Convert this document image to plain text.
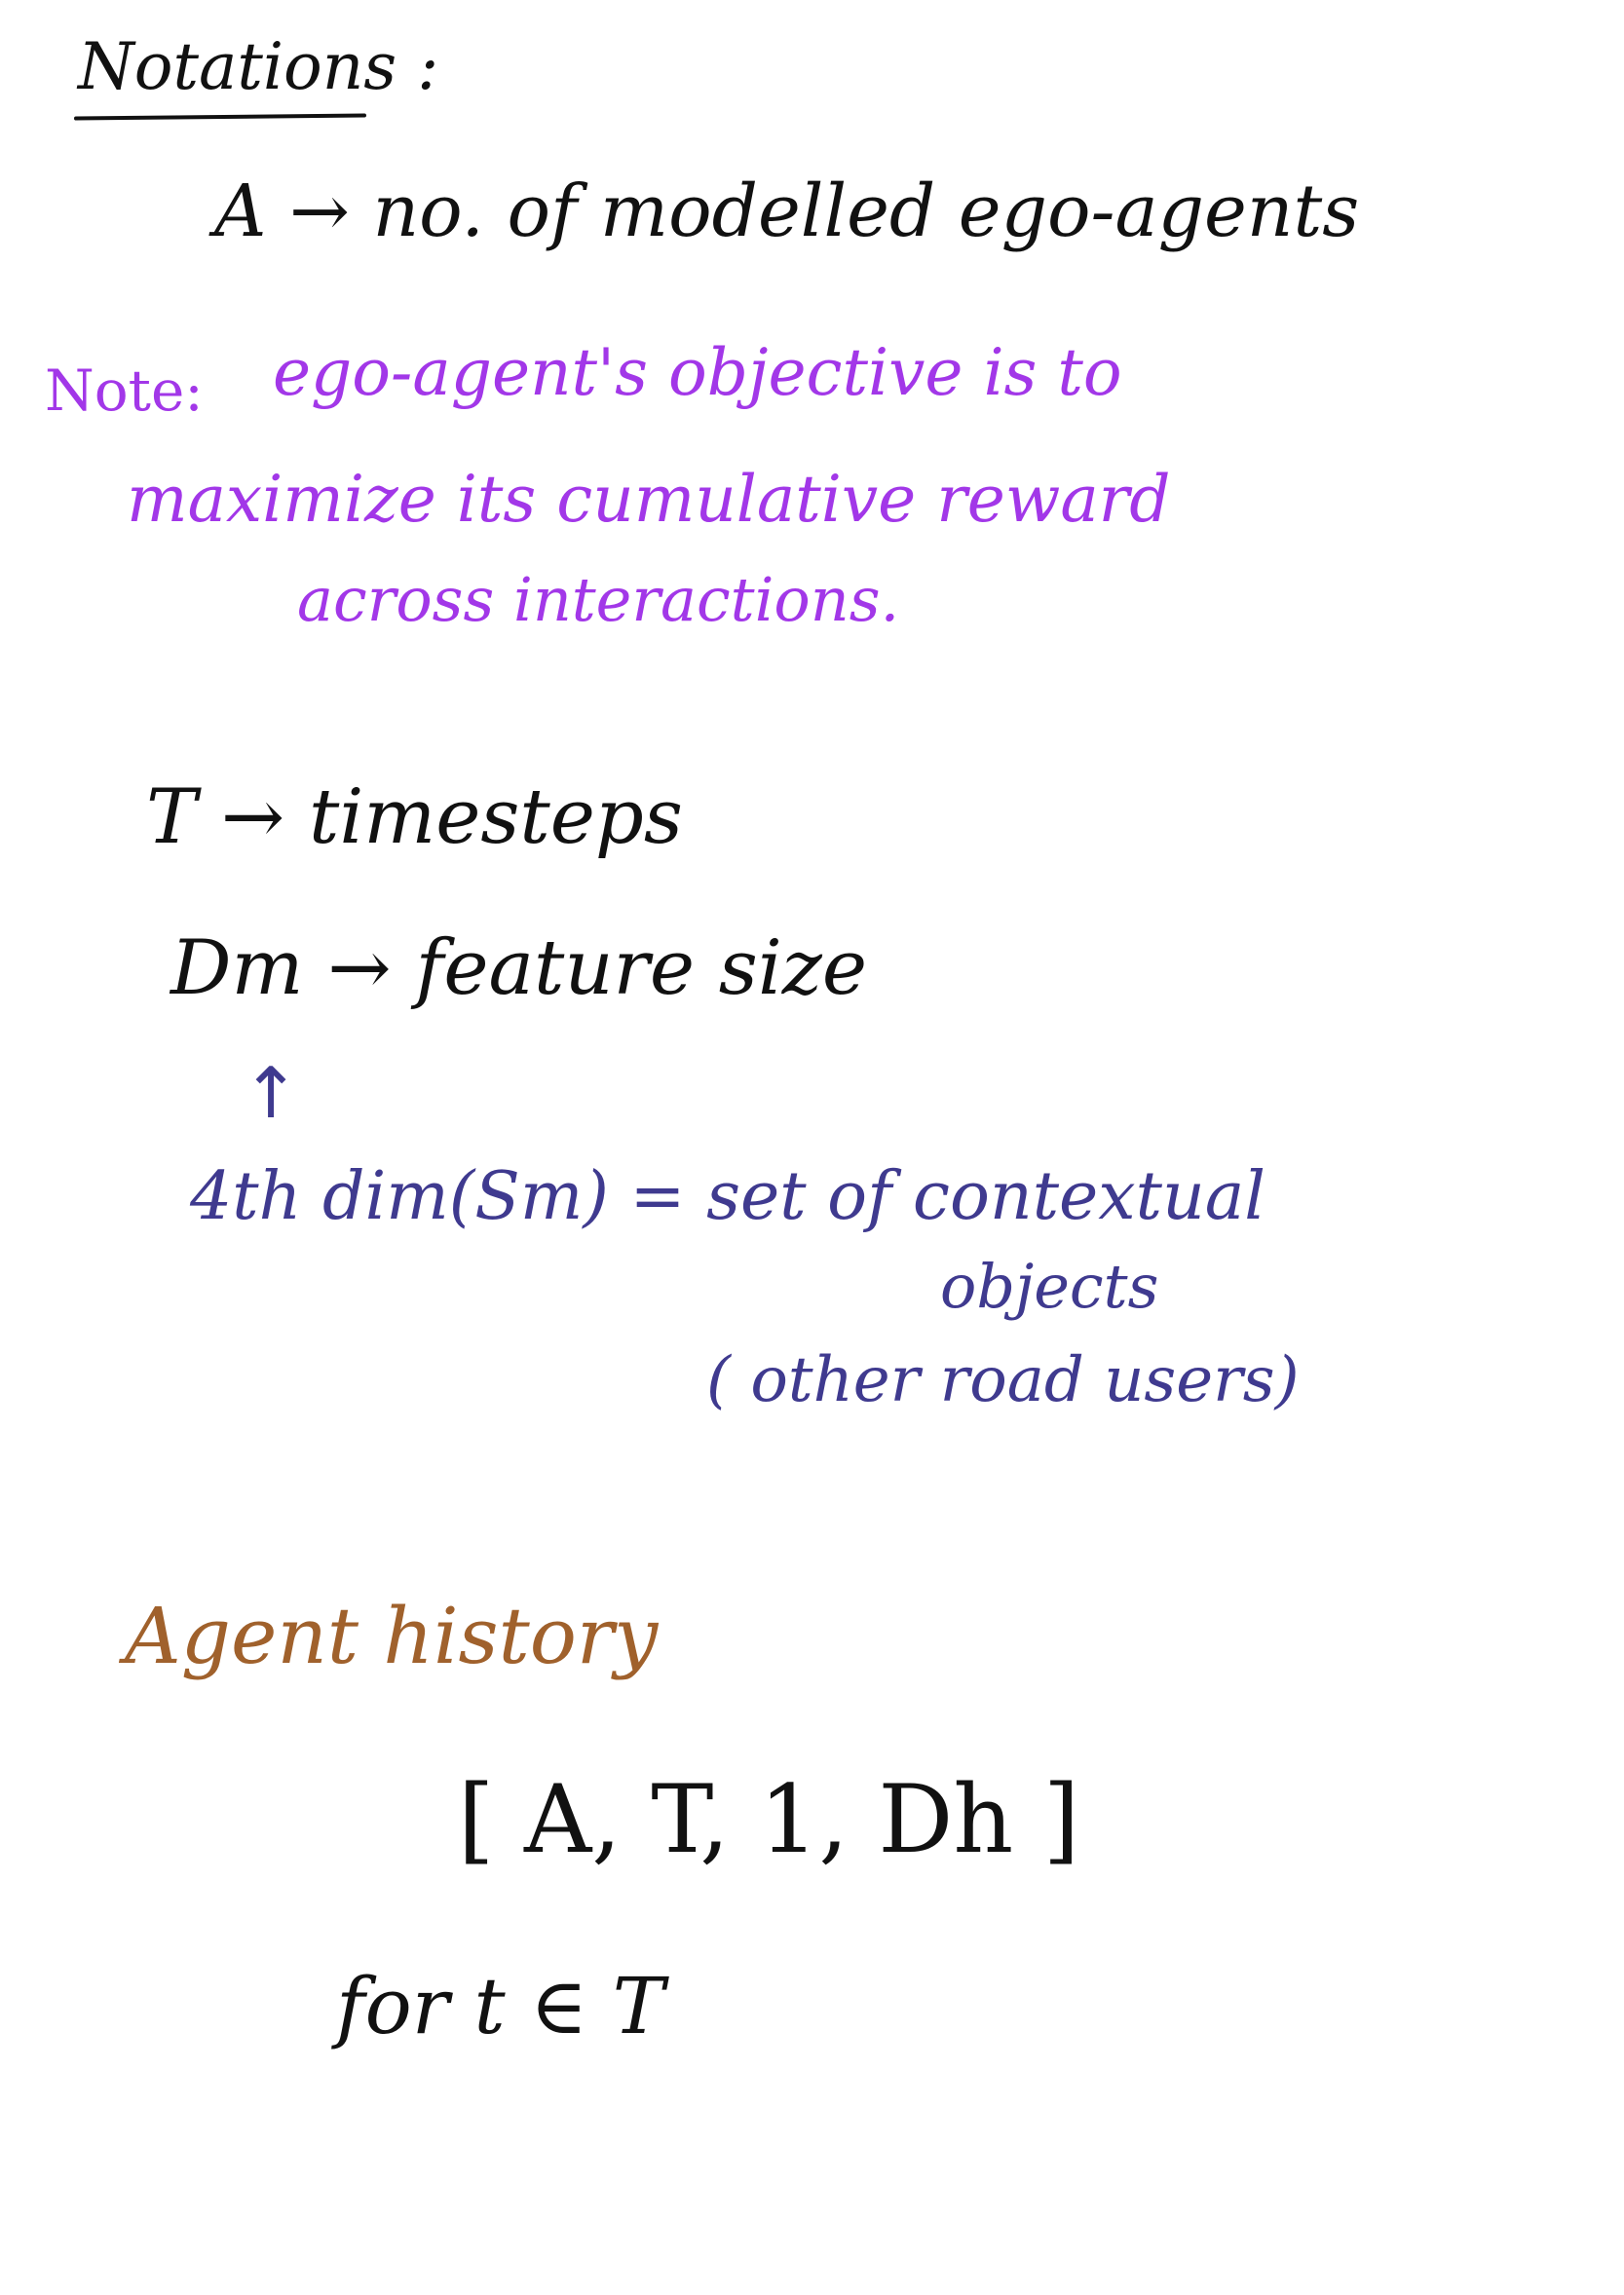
Notations :
A → no. of modelled ego-agents
Note: ego-agent's objective is to
maximize its cumulative reward
across interactions.
T → timesteps
Dm → feature size
↑
4th dim(Sm) = set of contextual
objects
( other road users)
Agent history
[ A, T, 1, Dh ]
for t ∈ T
